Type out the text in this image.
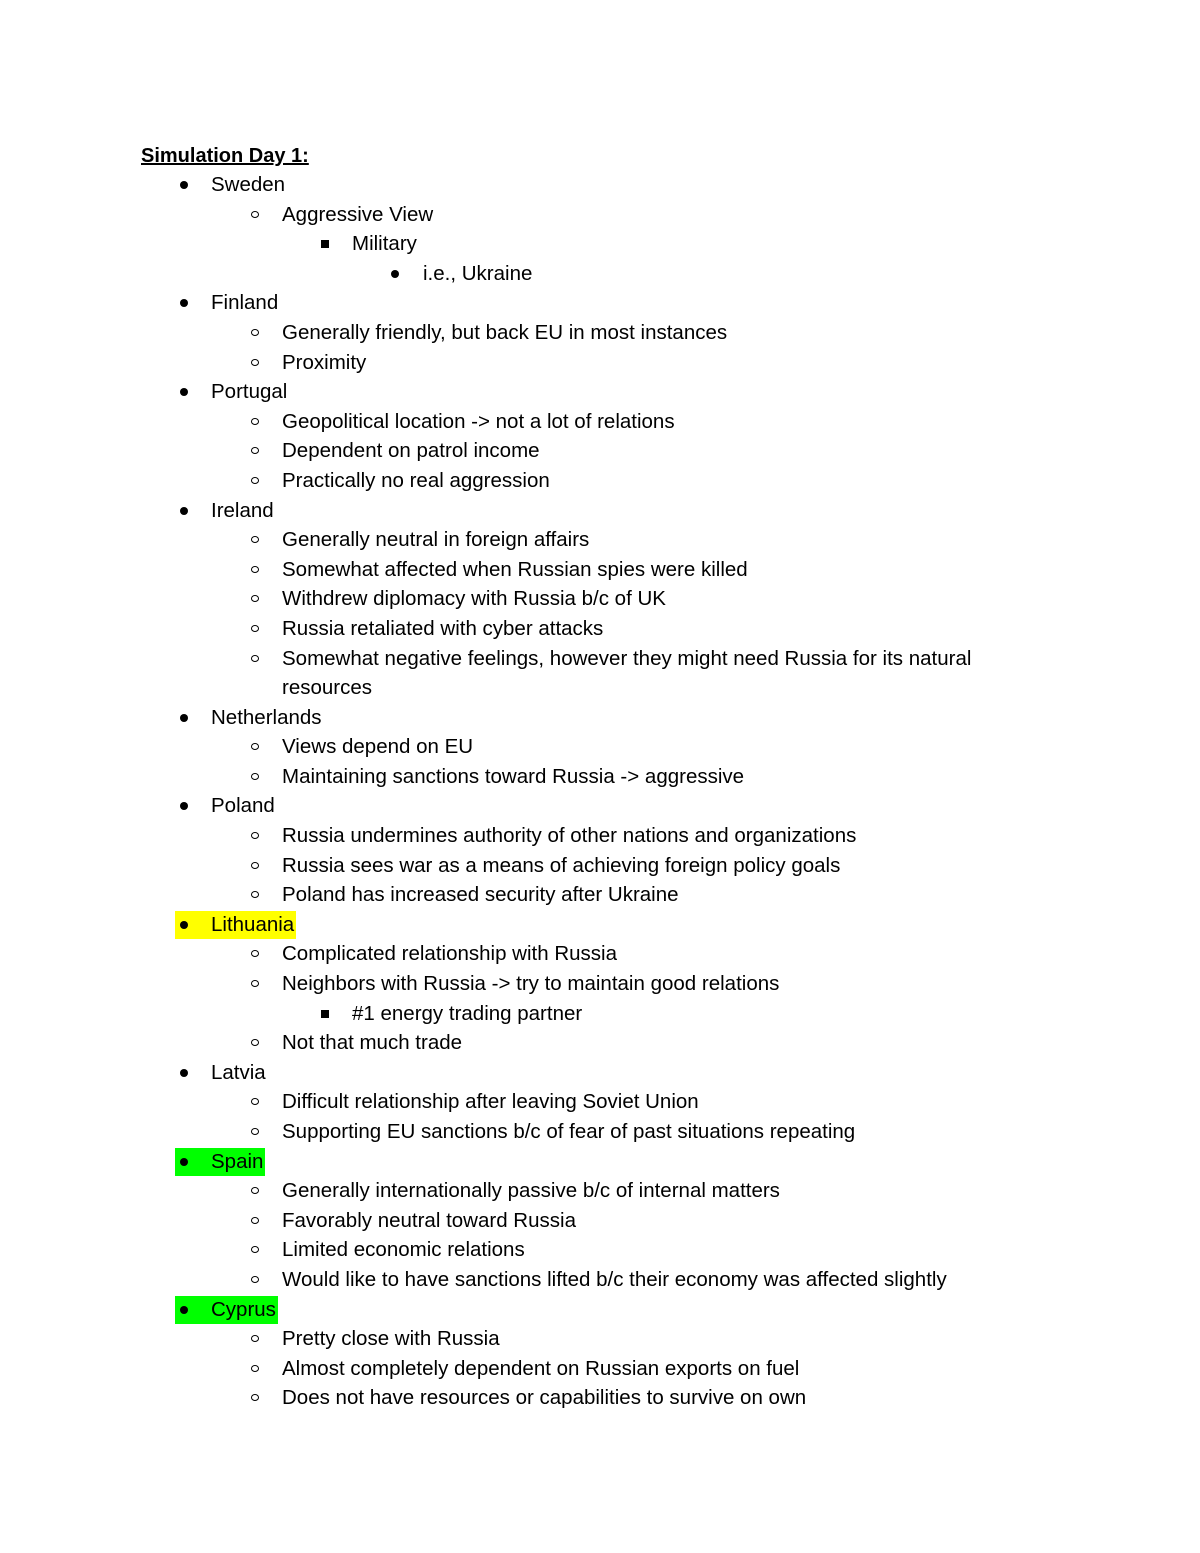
Simulation Day 1:
Sweden
Aggressive View
Military
i.e., Ukraine
Finland
Generally friendly, but back EU in most instances
Proximity
Portugal
Geopolitical location -> not a lot of relations
Dependent on patrol income
Practically no real aggression
Ireland
Generally neutral in foreign affairs
Somewhat affected when Russian spies were killed
Withdrew diplomacy with Russia b/c of UK
Russia retaliated with cyber attacks
Somewhat negative feelings, however they might need Russia for its natural
resources
Netherlands
Views depend on EU
Maintaining sanctions toward Russia -> aggressive
Poland
Russia undermines authority of other nations and organizations
Russia sees war as a means of achieving foreign policy goals
Poland has increased security after Ukraine
Lithuania
Complicated relationship with Russia
Neighbors with Russia -> try to maintain good relations
#1 energy trading partner
Not that much trade
Latvia
Difficult relationship after leaving Soviet Union
Supporting EU sanctions b/c of fear of past situations repeating
Spain
Generally internationally passive b/c of internal matters
Favorably neutral toward Russia
Limited economic relations
Would like to have sanctions lifted b/c their economy was affected slightly
Cyprus
Pretty close with Russia
Almost completely dependent on Russian exports on fuel
Does not have resources or capabilities to survive on own
